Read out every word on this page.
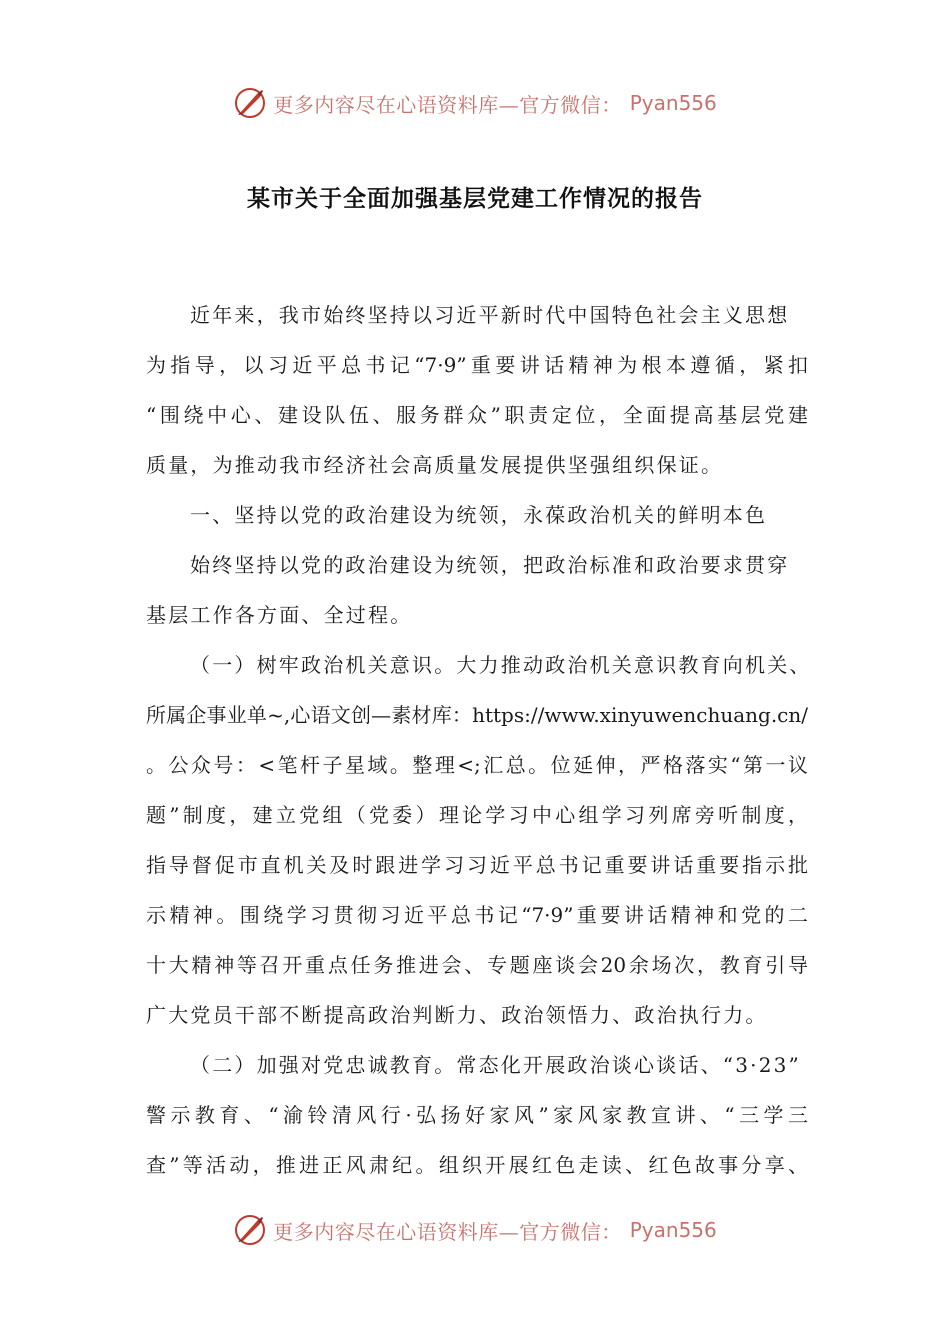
更多内容尽在心语资料库—官方微信： Pyan556
某市关于全面加强基层党建工作情况的报告
近年来，我市始终坚持以习近平新时代中国特色社会主义思想
为指导，以习近平总书记“7·9”重要讲话精神为根本遵循，紧扣
“围绕中心、建设队伍、服务群众”职责定位，全面提高基层党建
质量，为推动我市经济社会高质量发展提供坚强组织保证。
一、坚持以党的政治建设为统领，永葆政治机关的鲜明本色
始终坚持以党的政治建设为统领，把政治标准和政治要求贯穿
基层工作各方面、全过程。
（一）树牢政治机关意识。大力推动政治机关意识教育向机关、
所属企事业单~,心语文创—素材库：https://www.xinyuwenchuang.cn/
。公众号：<笔杆子星域。整理<;汇总。位延伸，严格落实“第一议
题”制度，建立党组（党委）理论学习中心组学习列席旁听制度，
指导督促市直机关及时跟进学习习近平总书记重要讲话重要指示批
示精神。围绕学习贯彻习近平总书记“7·9”重要讲话精神和党的二
十大精神等召开重点任务推进会、专题座谈会20余场次，教育引导
广大党员干部不断提高政治判断力、政治领悟力、政治执行力。
（二）加强对党忠诚教育。常态化开展政治谈心谈话、“3·23”
警示教育、“渝铃清风行·弘扬好家风”家风家教宣讲、“三学三
查”等活动，推进正风肃纪。组织开展红色走读、红色故事分享、
更多内容尽在心语资料库—官方微信： Pyan556
